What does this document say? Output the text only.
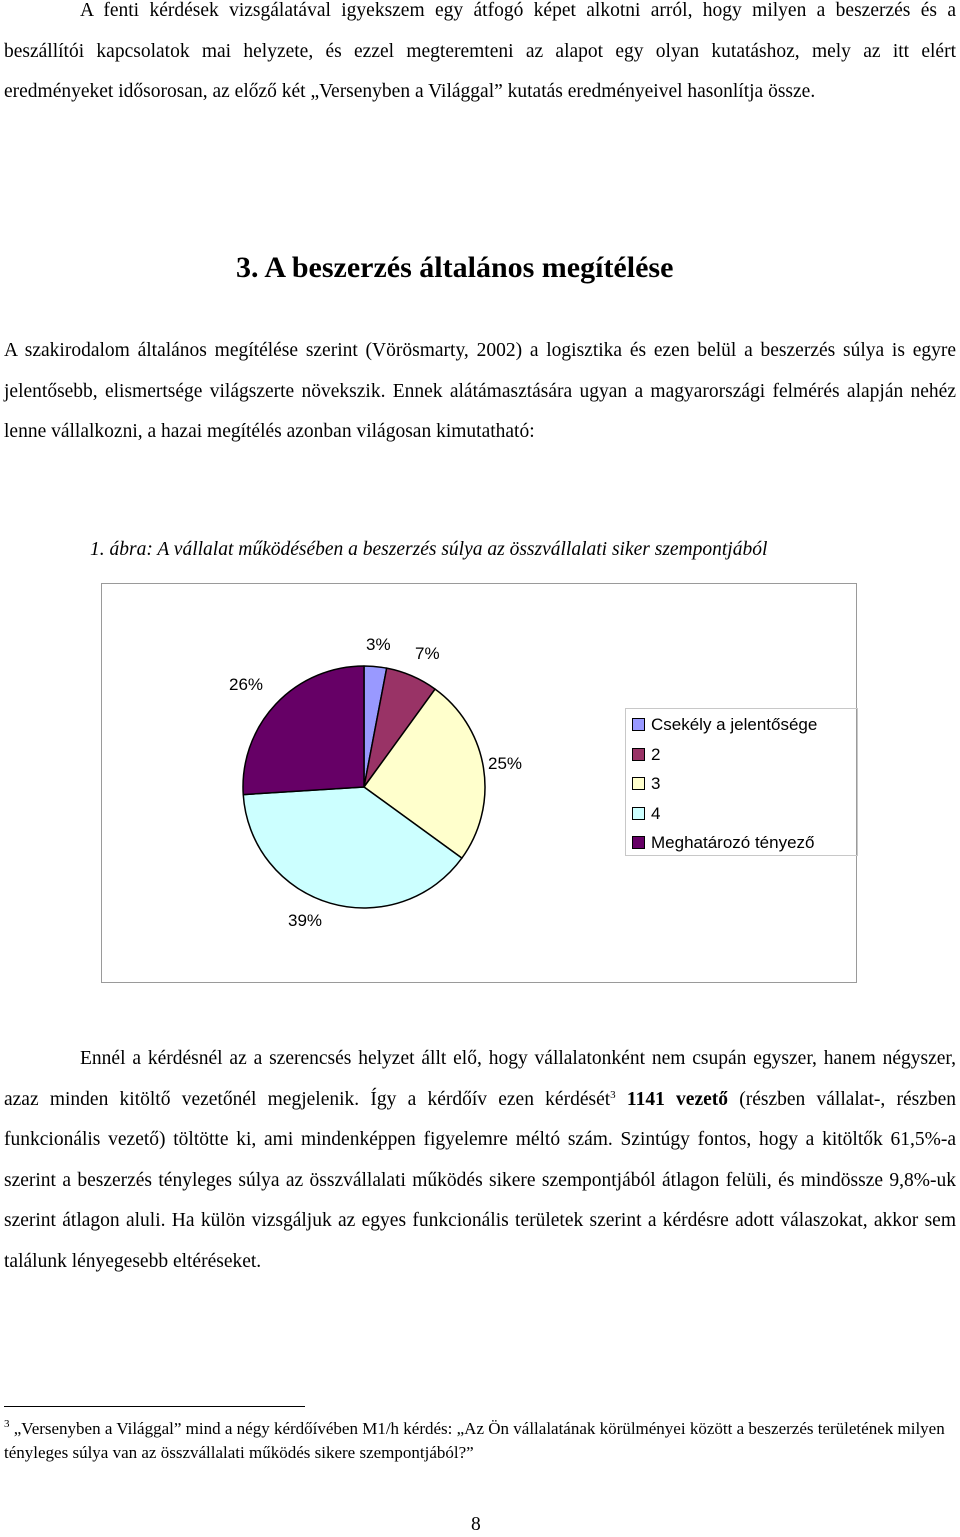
A fenti kérdések vizsgálatával igyekszem egy átfogó képet alkotni arról, hogy milyen a beszerzés és a beszállítói kapcsolatok mai helyzete, és ezzel megteremteni az alapot egy olyan kutatáshoz, mely az itt elért eredményeket idősorosan, az előző két „Versenyben a Világgal” kutatás eredményeivel hasonlítja össze.

3. A beszerzés általános megítélése

A szakirodalom általános megítélése szerint (Vörösmarty, 2002) a logisztika és ezen belül a beszerzés súlya is egyre jelentősebb, elismertsége világszerte növekszik. Ennek alátámasztására ugyan a magyarországi felmérés alapján nehéz lenne vállalkozni, a hazai megítélés azonban világosan kimutatható:

1. ábra: A vállalat működésében a beszerzés súlya az összvállalati siker szempontjából

3% 7%
25%
39%
26%
Csekély a jelentősége
2
3
4
Meghatározó tényező

Ennél a kérdésnél az a szerencsés helyzet állt elő, hogy vállalatonként nem csupán egyszer, hanem négyszer, azaz minden kitöltő vezetőnél megjelenik. Így a kérdőív ezen kérdését$^3$ 1141 vezető (részben vállalat-, részben funkcionális vezető) töltötte ki, ami mindenképpen figyelemre méltó szám. Szintúgy fontos, hogy a kitöltők 61,5%-a szerint a beszerzés tényleges súlya az összvállalati működés sikere szempontjából átlagon felüli, és mindössze 9,8%-uk szerint átlagon aluli. Ha külön vizsgáljuk az egyes funkcionális területek szerint a kérdésre adott válaszokat, akkor sem találunk lényegesebb eltéréseket.

$^3$ „Versenyben a Világgal” mind a négy kérdőívében M1/h kérdés: „Az Ön vállalatának körülményei között a beszerzés területének milyen tényleges súlya van az összvállalati működés sikere szempontjából?”

8
